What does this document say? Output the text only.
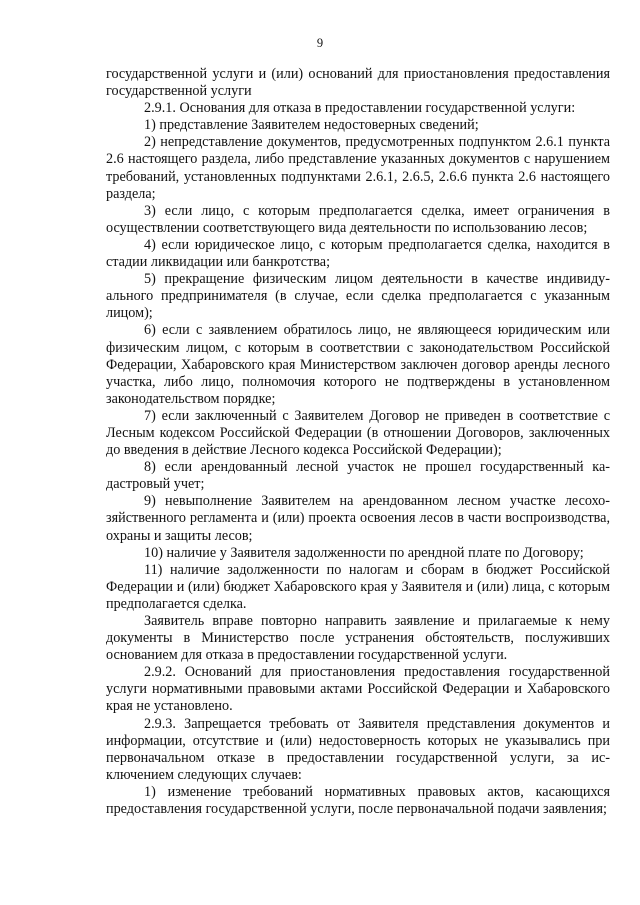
9

государственной услуги и (или) оснований для приостановления предоставления государственной услуги

2.9.1. Основания для отказа в предоставлении государственной услуги:

1) представление Заявителем недостоверных сведений;

2) непредставление документов, предусмотренных подпунктом 2.6.1 пункта 2.6 настоящего раздела, либо представление указанных документов с нарушением требований, установленных подпунктами 2.6.1, 2.6.5, 2.6.6 пункта 2.6 настоящего раздела;

3) если лицо, с которым предполагается сделка, имеет ограничения в осуществлении соответствующего вида деятельности по использованию лесов;

4) если юридическое лицо, с которым предполагается сделка, находится в стадии ликвидации или банкротства;

5) прекращение физическим лицом деятельности в качестве индивидуального предпринимателя (в случае, если сделка предполагается с указанным лицом);

6) если с заявлением обратилось лицо, не являющееся юридическим или физическим лицом, с которым в соответствии с законодательством Российской Федерации, Хабаровского края Министерством заключен договор аренды лесного участка, либо лицо, полномочия которого не подтверждены в установленном законодательством порядке;

7) если заключенный с Заявителем Договор не приведен в соответствие с Лесным кодексом Российской Федерации (в отношении Договоров, заключенных до введения в действие Лесного кодекса Российской Федерации);

8) если арендованный лесной участок не прошел государственный кадастровый учет;

9) невыполнение Заявителем на арендованном лесном участке лесохозяйственного регламента и (или) проекта освоения лесов в части воспроизводства, охраны и защиты лесов;

10) наличие у Заявителя задолженности по арендной плате по Договору;

11) наличие задолженности по налогам и сборам в бюджет Российской Федерации и (или) бюджет Хабаровского края у Заявителя и (или) лица, с которым предполагается сделка.

Заявитель вправе повторно направить заявление и прилагаемые к нему документы в Министерство после устранения обстоятельств, послуживших основанием для отказа в предоставлении государственной услуги.

2.9.2. Оснований для приостановления предоставления государственной услуги нормативными правовыми актами Российской Федерации и Хабаровского края не установлено.

2.9.3. Запрещается требовать от Заявителя представления документов и информации, отсутствие и (или) недостоверность которых не указывались при первоначальном отказе в предоставлении государственной услуги, за исключением следующих случаев:

1) изменение требований нормативных правовых актов, касающихся предоставления государственной услуги, после первоначальной подачи заявления;
